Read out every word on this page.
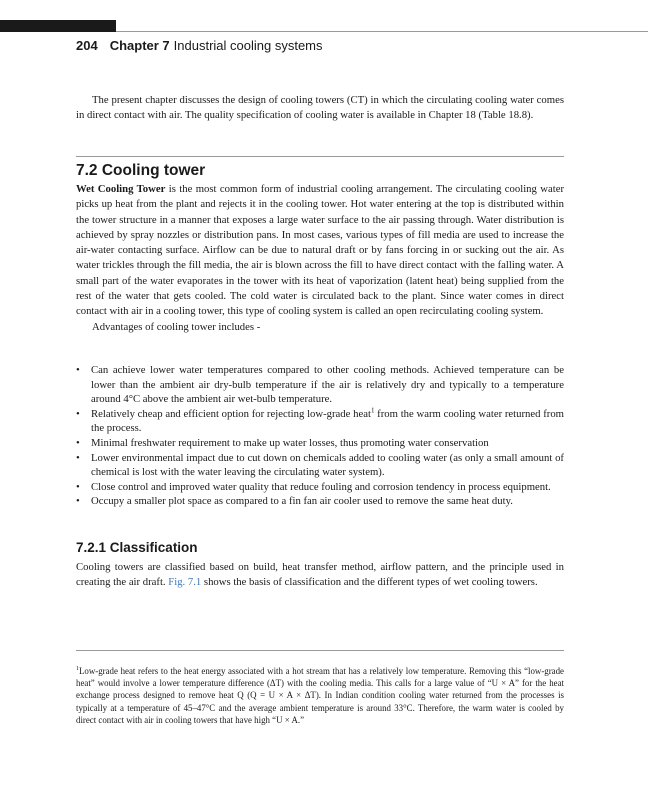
204 Chapter 7 Industrial cooling systems

The present chapter discusses the design of cooling towers (CT) in which the circulating cooling water comes in direct contact with air. The quality specification of cooling water is available in Chapter 18 (Table 18.8).

7.2 Cooling tower

Wet Cooling Tower is the most common form of industrial cooling arrangement. The circulating cooling water picks up heat from the plant and rejects it in the cooling tower. Hot water entering at the top is distributed within the tower structure in a manner that exposes a large water surface to the air passing through. Water distribution is achieved by spray nozzles or distribution pans. In most cases, various types of fill media are used to increase the air-water contacting surface. Airflow can be due to natural draft or by fans forcing in or sucking out the air. As water trickles through the fill media, the air is blown across the fill to have direct contact with the falling water. A small part of the water evaporates in the tower with its heat of vaporization (latent heat) being supplied from the rest of the water that gets cooled. The cold water is circulated back to the plant. Since water comes in direct contact with air in a cooling tower, this type of cooling system is called an open recirculating cooling system.

Advantages of cooling tower includes -

•	Can achieve lower water temperatures compared to other cooling methods. Achieved temperature can be lower than the ambient air dry-bulb temperature if the air is relatively dry and typically to a temperature around 4°C above the ambient air wet-bulb temperature.
•	Relatively cheap and efficient option for rejecting low-grade heat$^1$ from the warm cooling water returned from the process.
•	Minimal freshwater requirement to make up water losses, thus promoting water conservation
•	Lower environmental impact due to cut down on chemicals added to cooling water (as only a small amount of chemical is lost with the water leaving the circulating water system).
•	Close control and improved water quality that reduce fouling and corrosion tendency in process equipment.
•	Occupy a smaller plot space as compared to a fin fan air cooler used to remove the same heat duty.
7.2.1 Classification

Cooling towers are classified based on build, heat transfer method, airflow pattern, and the principle used in creating the air draft. Fig. 7.1 shows the basis of classification and the different types of wet cooling towers.

$^1$Low-grade heat refers to the heat energy associated with a hot stream that has a relatively low temperature. Removing this “low-grade heat” would involve a lower temperature difference (ΔT) with the cooling media. This calls for a large value of “U × A” for the heat exchange process designed to remove heat Q (Q = U × A × ΔT). In Indian condition cooling water returned from the processes is typically at a temperature of 45–47°C and the average ambient temperature is around 33°C. Therefore, the warm water is cooled by direct contact with air in cooling towers that have high “U × A.”
